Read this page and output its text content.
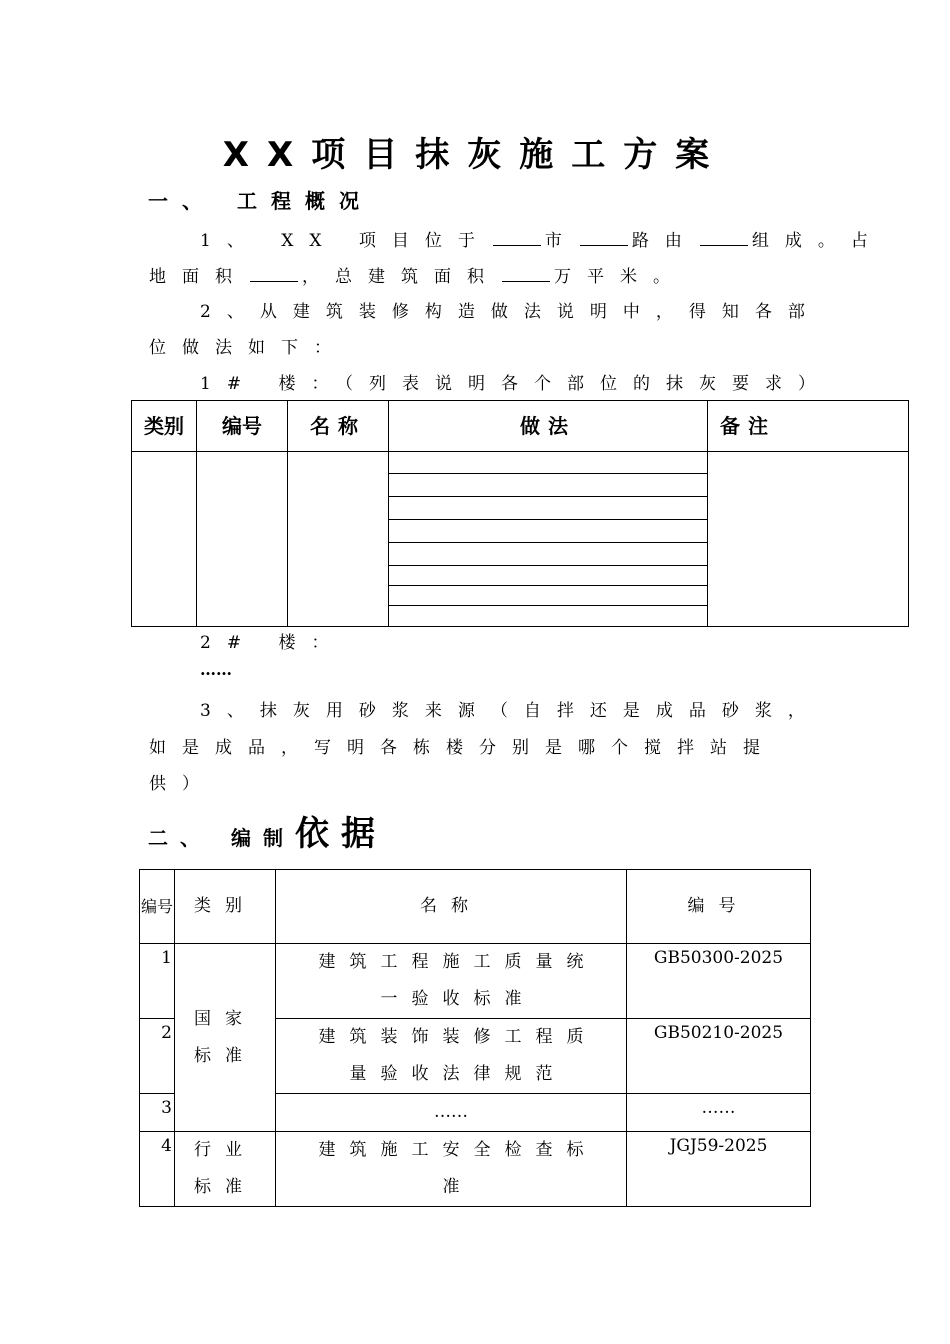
XX项目抹灰施工方案
一、 工程概况
1、 XX 项目位于	市	路由	组成。占
地面积	，总建筑面积	万平米。
2、从建筑装修构造做法说明中，得知各部
位做法如下：
1# 楼：（列表说明各个部位的抹灰要求）
类别	编号	名称	做法	备注

2# 楼：
……
3、抹灰用砂浆来源（自拌还是成品砂浆，
如是成品，写明各栋楼分别是哪个搅拌站提
供）
二、 编制依据
编号	类别	名称	编号
1	国家标准	建筑工程施工质量统一验收标准	GB50300-2025
2		建筑装饰装修工程质量验收法律规范	GB50210-2025
3		……	……
4	行业标准	建筑施工安全检查标准	JGJ59-2025
